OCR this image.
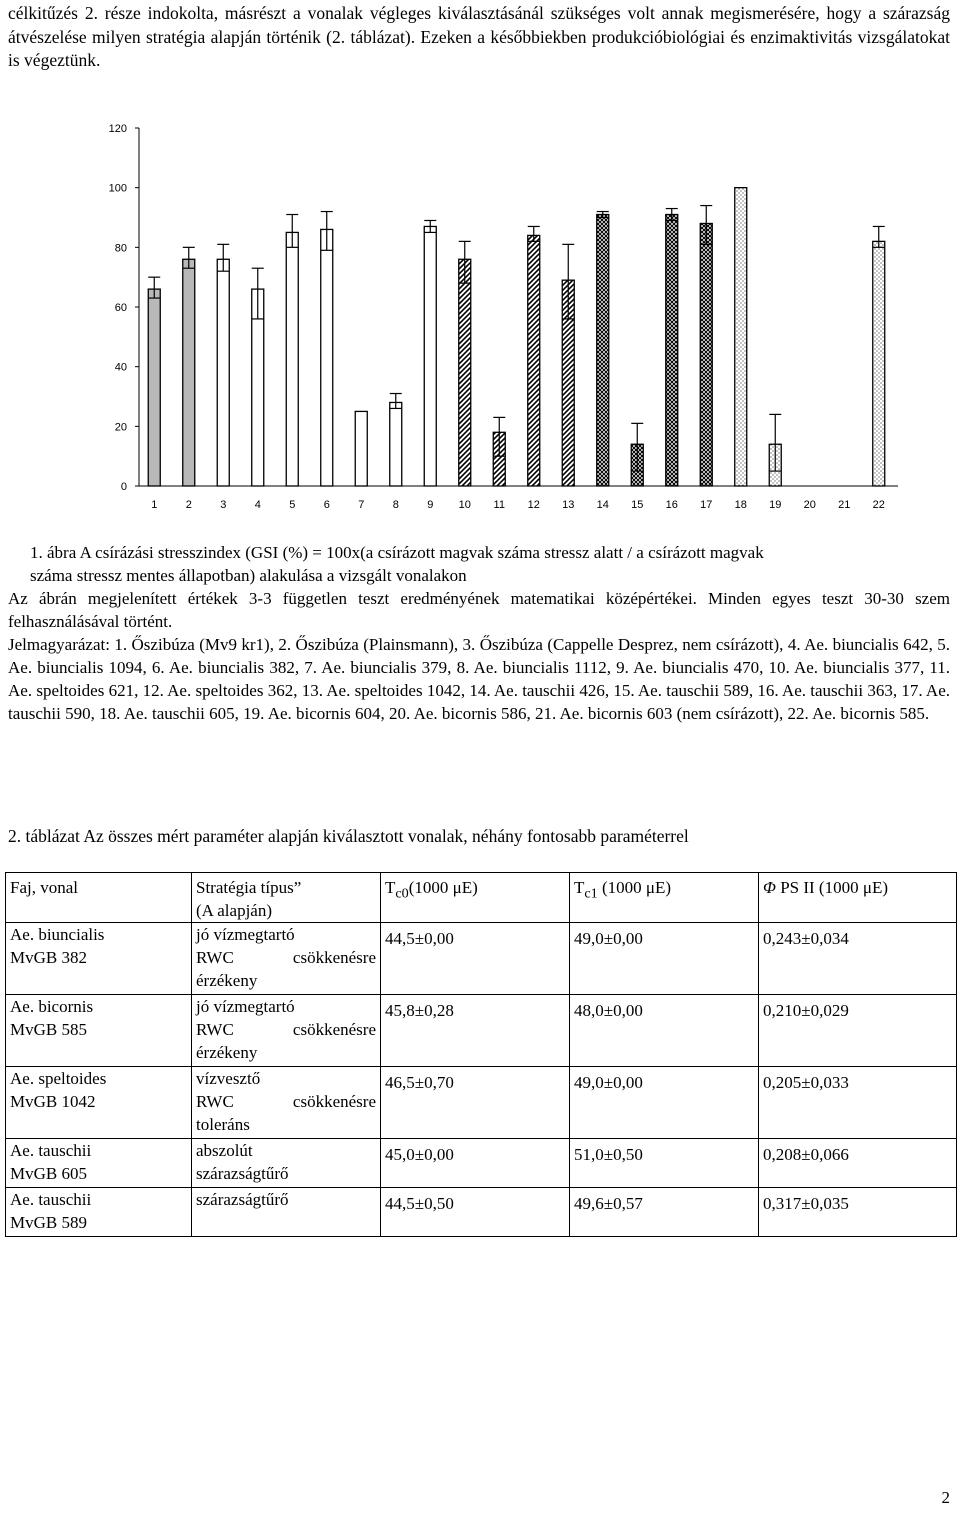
célkitűzés 2. része indokolta, másrészt a vonalak végleges kiválasztásánál szükséges volt annak megismerésére, hogy a szárazság átvészelése milyen stratégia alapján történik (2. táblázat). Ezeken a későbbiekben produkcióbiológiai és enzimaktivitás vizsgálatokat is végeztünk.

0
20
40
60
80
100
120
1	2	3	4	5	6	7	8	9 10 11 12 13 14 15 16 17 18 19 20 21 22
1. ábra A csírázási stresszindex (GSI (%) = 100x(a csírázott magvak száma stressz alatt / a csírázott magvak
száma stressz mentes állapotban) alakulása a vizsgált vonalakon

Az ábrán megjelenített értékek 3-3 független teszt eredményének matematikai középértékei. Minden egyes teszt 30-30 szem felhasználásával történt.

Jelmagyarázat: 1. Őszibúza (Mv9 kr1), 2. Őszibúza (Plainsmann), 3. Őszibúza (Cappelle Desprez, nem csírázott), 4. Ae. biuncialis 642, 5. Ae. biuncialis 1094, 6. Ae. biuncialis 382, 7. Ae. biuncialis 379, 8. Ae. biuncialis 1112, 9. Ae. biuncialis 470, 10. Ae. biuncialis 377, 11. Ae. speltoides 621, 12. Ae. speltoides 362, 13. Ae. speltoides 1042, 14. Ae. tauschii 426, 15. Ae. tauschii 589, 16. Ae. tauschii 363, 17. Ae. tauschii 590, 18. Ae. tauschii 605, 19. Ae. bicornis 604, 20. Ae. bicornis 586, 21. Ae. bicornis 603 (nem csírázott), 22. Ae. bicornis 585.

2. táblázat Az összes mért paraméter alapján kiválasztott vonalak, néhány fontosabb paraméterrel

Faj, vonal	Stratégia típus”
(A alapján)	$T_{c0}(1000$ μE)	$T_{c1}$ (1000 μE)	Φ PS II (1000 μE)
Ae. biuncialis
MvGB 382	jó vízmegtartó

RWC csökkenésre
érzékeny	44,5±0,00	49,0±0,00	0,243±0,034
Ae. bicornis
MvGB 585	jó vízmegtartó

RWC csökkenésre
érzékeny	45,8±0,28	48,0±0,00	0,210±0,029
Ae. speltoides
MvGB 1042	vízvesztő

RWC csökkenésre
toleráns	46,5±0,70	49,0±0,00	0,205±0,033
Ae. tauschii
MvGB 605	abszolút
szárazságtűrő	45,0±0,00	51,0±0,50	0,208±0,066
Ae. tauschii
MvGB 589	szárazságtűrő	44,5±0,50	49,6±0,57	0,317±0,035
2
